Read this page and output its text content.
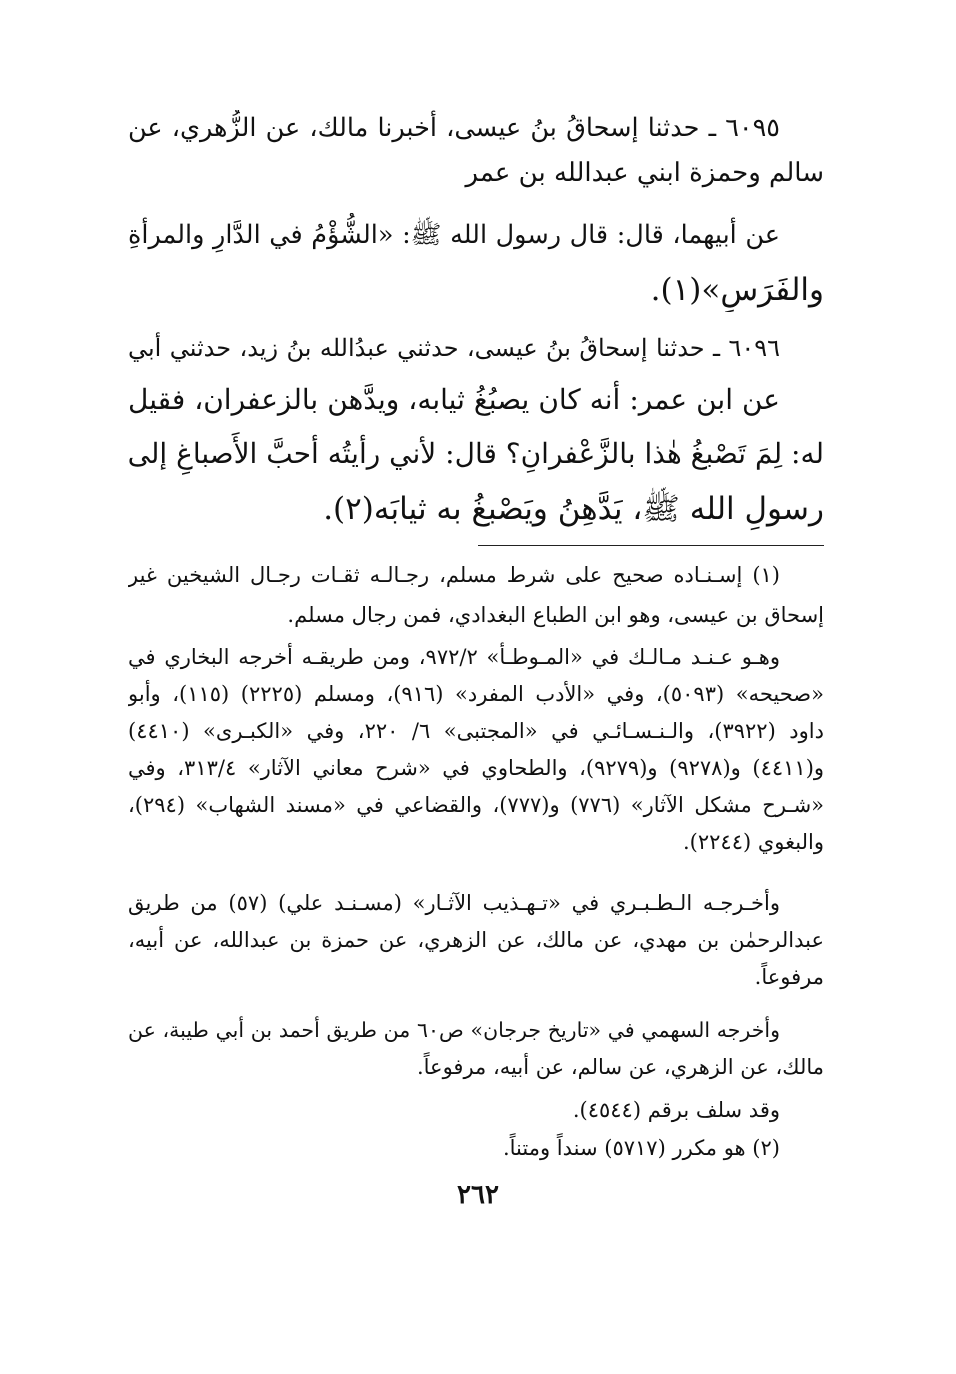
٦٠٩٥ ـ حدثنا إسحاقُ بنُ عيسى، أخبرنا مالك، عن الزُّهري، عن
سالم وحمزة ابني عبدالله بن عمر
عن أبيهما، قال: قال رسول الله ﷺ: «الشُّؤْمُ في الدَّارِ والمرأةِ
والفَرَسِ»(١).
٦٠٩٦ ـ حدثنا إسحاقُ بنُ عيسى، حدثني عبدُالله بنُ زيد، حدثني أبي
عن ابن عمر: أنه كان يصبُغُ ثيابه، ويدَّهن بالزعفران، فقيل
له: لِمَ تَصْبغُ هٰذا بالزَّعْفرانِ؟ قال: لأني رأيتُه أحبَّ الأَصباغِ إلى
رسولِ الله ﷺ، يَدَّهِنُ ويَصْبغُ به ثيابَه(٢).
(١) إسـنـاده صحيح على شرط مسلم، رجـالـه ثقـات رجـال الشيخين غير
إسحاق بن عيسى، وهو ابن الطباع البغدادي، فمن رجال مسلم.
وهـو عـنـد مـالـك في «المـوطـأ» ٩٧٢/٢، ومن طريقـه أخرجه البخاري في
«صحيحه» (٥٠٩٣)، وفي «الأدب المفرد» (٩١٦)، ومسلم (٢٢٢٥) (١١٥)، وأبو
داود (٣٩٢٢)، والـنـسـائـي في «المجتبى» ٦/ ٢٢٠، وفي «الكبـرى» (٤٤١٠)
و(٤٤١١) و(٩٢٧٨) و(٩٢٧٩)، والطحاوي في «شرح معاني الآثار» ٣١٣/٤، وفي
«شـرح مشكل الآثار» (٧٧٦) و(٧٧٧)، والقضاعي في «مسند الشهاب» (٢٩٤)،
والبغوي (٢٢٤٤).
وأخـرجـه الـطـبـري في «تـهـذيب الآثـار» (مسـنـد علي) (٥٧) من طريق
عبدالرحمٰن بن مهدي، عن مالك، عن الزهري، عن حمزة بن عبدالله، عن أبيه،
مرفوعاً.
وأخرجه السهمي في «تاريخ جرجان» ص٦٠ من طريق أحمد بن أبي طيبة، عن
مالك، عن الزهري، عن سالم، عن أبيه، مرفوعاً.
وقد سلف برقم (٤٥٤٤).
(٢) هو مكرر (٥٧١٧) سنداً ومتناً.
٢٦٢
